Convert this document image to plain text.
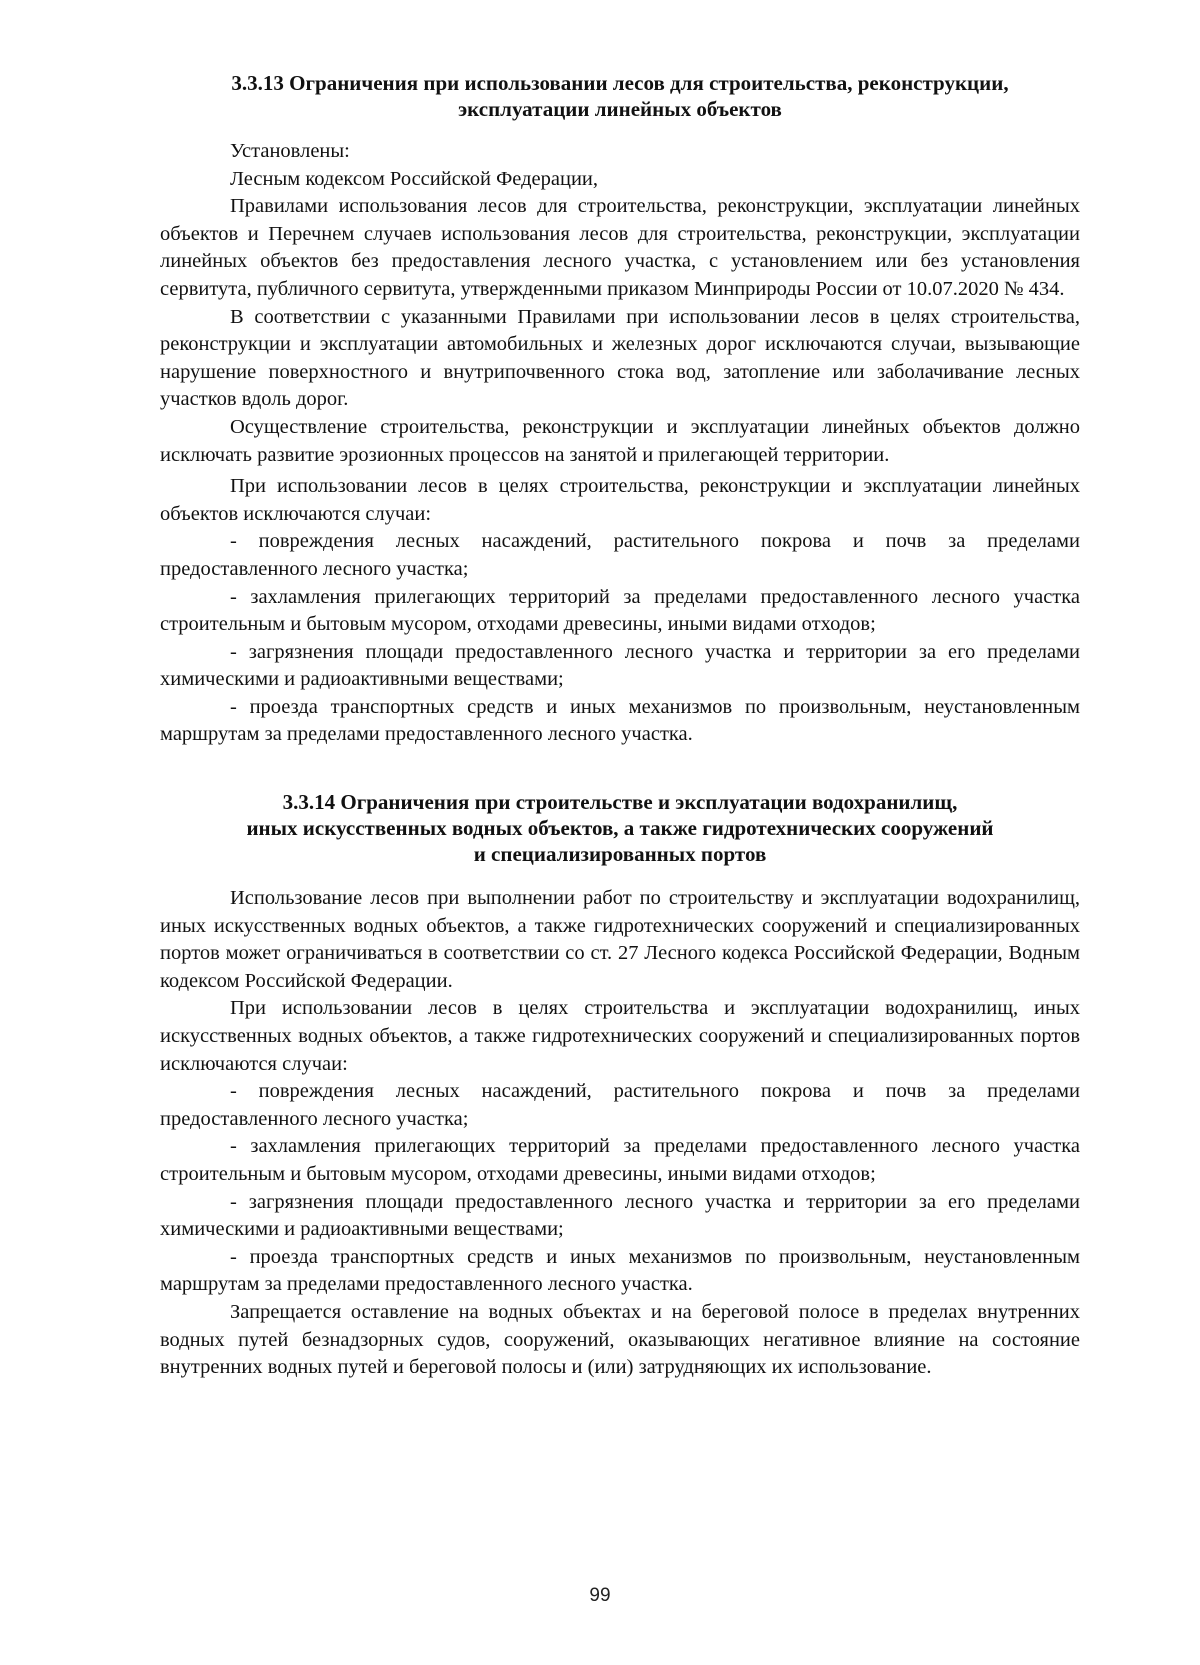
3.3.13 Ограничения при использовании лесов для строительства, реконструкции,
эксплуатации линейных объектов

Установлены:

Лесным кодексом Российской Федерации,

Правилами использования лесов для строительства, реконструкции, эксплуатации линейных объектов и Перечнем случаев использования лесов для строительства, реконструкции, эксплуатации линейных объектов без предоставления лесного участка, с установлением или без установления сервитута, публичного сервитута, утвержденными приказом Минприроды России от 10.07.2020 № 434.

В соответствии с указанными Правилами при использовании лесов в целях строительства, реконструкции и эксплуатации автомобильных и железных дорог исключаются случаи, вызывающие нарушение поверхностного и внутрипочвенного стока вод, затопление или заболачивание лесных участков вдоль дорог.

Осуществление строительства, реконструкции и эксплуатации линейных объектов должно исключать развитие эрозионных процессов на занятой и прилегающей территории.

При использовании лесов в целях строительства, реконструкции и эксплуатации линейных объектов исключаются случаи:

- повреждения лесных насаждений, растительного покрова и почв за пределами предоставленного лесного участка;

- захламления прилегающих территорий за пределами предоставленного лесного участка строительным и бытовым мусором, отходами древесины, иными видами отходов;

- загрязнения площади предоставленного лесного участка и территории за его пределами химическими и радиоактивными веществами;

- проезда транспортных средств и иных механизмов по произвольным, неустановленным маршрутам за пределами предоставленного лесного участка.

3.3.14 Ограничения при строительстве и эксплуатации водохранилищ,
иных искусственных водных объектов, а также гидротехнических сооружений
и специализированных портов

Использование лесов при выполнении работ по строительству и эксплуатации водохранилищ, иных искусственных водных объектов, а также гидротехнических сооружений и специализированных портов может ограничиваться в соответствии со ст. 27 Лесного кодекса Российской Федерации, Водным кодексом Российской Федерации.

При использовании лесов в целях строительства и эксплуатации водохранилищ, иных искусственных водных объектов, а также гидротехнических сооружений и специализированных портов исключаются случаи:

- повреждения лесных насаждений, растительного покрова и почв за пределами предоставленного лесного участка;

- захламления прилегающих территорий за пределами предоставленного лесного участка строительным и бытовым мусором, отходами древесины, иными видами отходов;

- загрязнения площади предоставленного лесного участка и территории за его пределами химическими и радиоактивными веществами;

- проезда транспортных средств и иных механизмов по произвольным, неустановленным маршрутам за пределами предоставленного лесного участка.

Запрещается оставление на водных объектах и на береговой полосе в пределах внутренних водных путей безнадзорных судов, сооружений, оказывающих негативное влияние на состояние внутренних водных путей и береговой полосы и (или) затрудняющих их использование.

99
